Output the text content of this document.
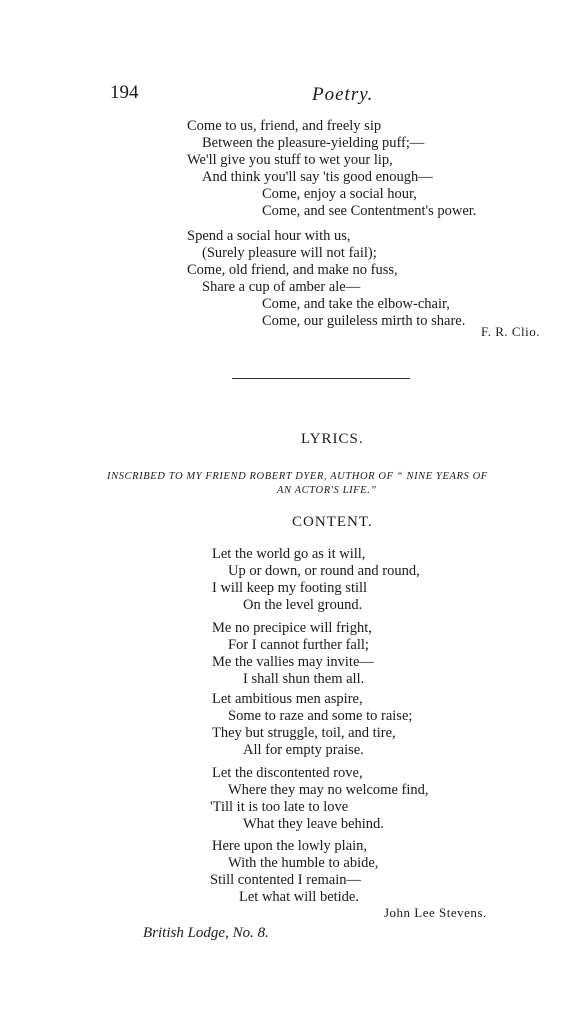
194	Poetry.
Come to us, friend, and freely sip
Between the pleasure-yielding puff;—
We'll give you stuff to wet your lip,
And think you'll say 'tis good enough—
Come, enjoy a social hour,
Come, and see Contentment's power.
Spend a social hour with us,
(Surely pleasure will not fail);
Come, old friend, and make no fuss,
Share a cup of amber ale—
Come, and take the elbow-chair,
Come, our guileless mirth to share.
F. R. Clio.
LYRICS.
INSCRIBED TO MY FRIEND ROBERT DYER, AUTHOR OF “ NINE YEARS OF
AN ACTOR'S LIFE.”
CONTENT.
Let the world go as it will,
Up or down, or round and round,
I will keep my footing still
On the level ground.
Me no precipice will fright,
For I cannot further fall;
Me the vallies may invite—
I shall shun them all.
Let ambitious men aspire,
Some to raze and some to raise;
They but struggle, toil, and tire,
All for empty praise.
Let the discontented rove,
Where they may no welcome find,
'Till it is too late to love
What they leave behind.
Here upon the lowly plain,
With the humble to abide,
Still contented I remain—
Let what will betide.
John Lee Stevens.
British Lodge, No. 8.
